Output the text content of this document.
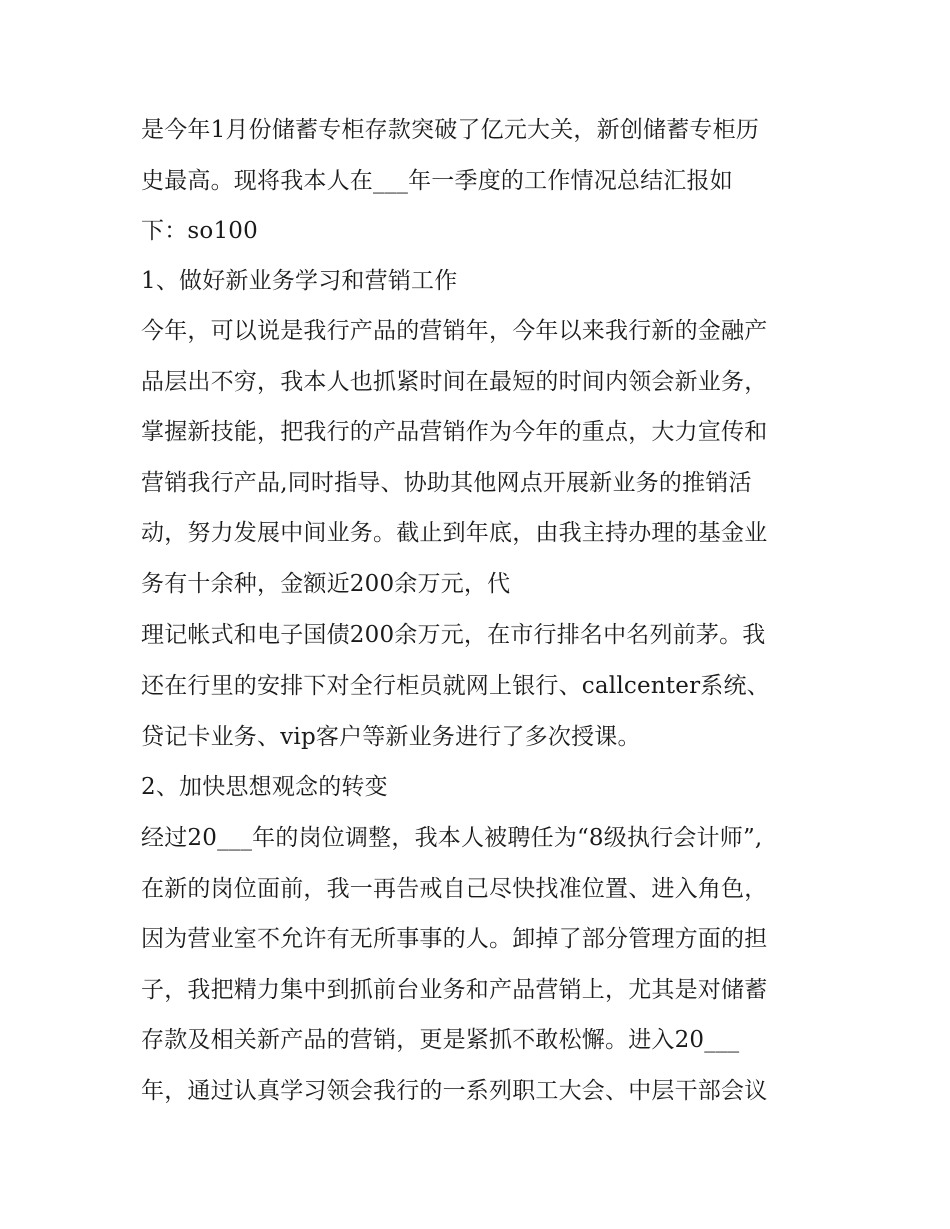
是今年1月份储蓄专柜存款突破了亿元大关，新创储蓄专柜历
史最高。现将我本人在___年一季度的工作情况总结汇报如
下：so100
1、做好新业务学习和营销工作
今年，可以说是我行产品的营销年，今年以来我行新的金融产
品层出不穷，我本人也抓紧时间在最短的时间内领会新业务，
掌握新技能，把我行的产品营销作为今年的重点，大力宣传和
营销我行产品,同时指导、协助其他网点开展新业务的推销活
动，努力发展中间业务。截止到年底，由我主持办理的基金业
务有十余种，金额近200余万元，代
理记帐式和电子国债200余万元，在市行排名中名列前茅。我
还在行里的安排下对全行柜员就网上银行、callcenter系统、
贷记卡业务、vip客户等新业务进行了多次授课。
2、加快思想观念的转变
经过20___年的岗位调整，我本人被聘任为“8级执行会计师”,
在新的岗位面前，我一再告戒自己尽快找准位置、进入角色，
因为营业室不允许有无所事事的人。卸掉了部分管理方面的担
子，我把精力集中到抓前台业务和产品营销上，尤其是对储蓄
存款及相关新产品的营销，更是紧抓不敢松懈。进入20___
年，通过认真学习领会我行的一系列职工大会、中层干部会议
